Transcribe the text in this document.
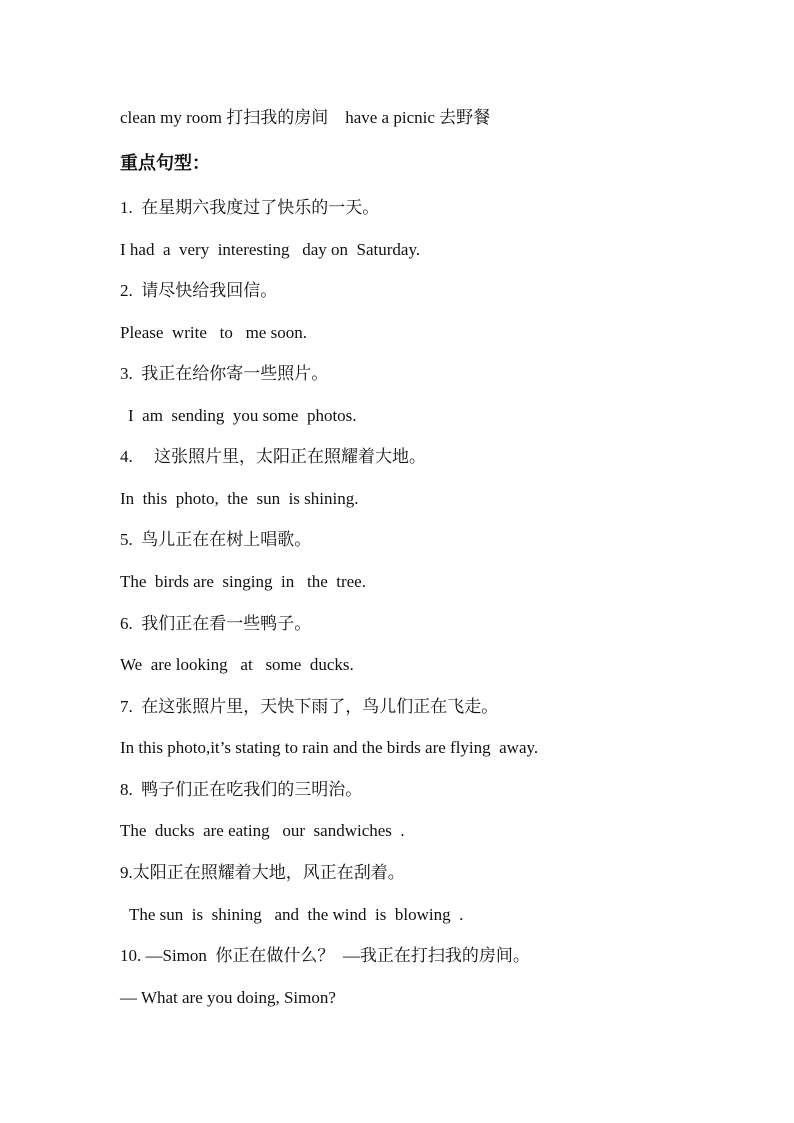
clean my room 打扫我的房间    have a picnic 去野餐
重点句型：
1.  在星期六我度过了快乐的一天。
I had  a  very  interesting   day on  Saturday.
2.  请尽快给我回信。
Please  write   to   me soon.
3.  我正在给你寄一些照片。
I  am  sending  you some  photos.
4.     这张照片里，太阳正在照耀着大地。
In  this  photo,  the  sun  is shining.
5.  鸟儿正在在树上唱歌。
The  birds are  singing  in   the  tree.
6.  我们正在看一些鸭子。
We  are looking   at   some  ducks.
7.  在这张照片里，天快下雨了，鸟儿们正在飞走。
In this photo,it’s stating to rain and the birds are flying  away.
8.  鸭子们正在吃我们的三明治。
The  ducks  are eating   our  sandwiches  .
9.太阳正在照耀着大地，风正在刮着。
The sun  is  shining   and  the wind  is  blowing  .
10. —Simon  你正在做什么？  —我正在打扫我的房间。
— What are you doing, Simon?
